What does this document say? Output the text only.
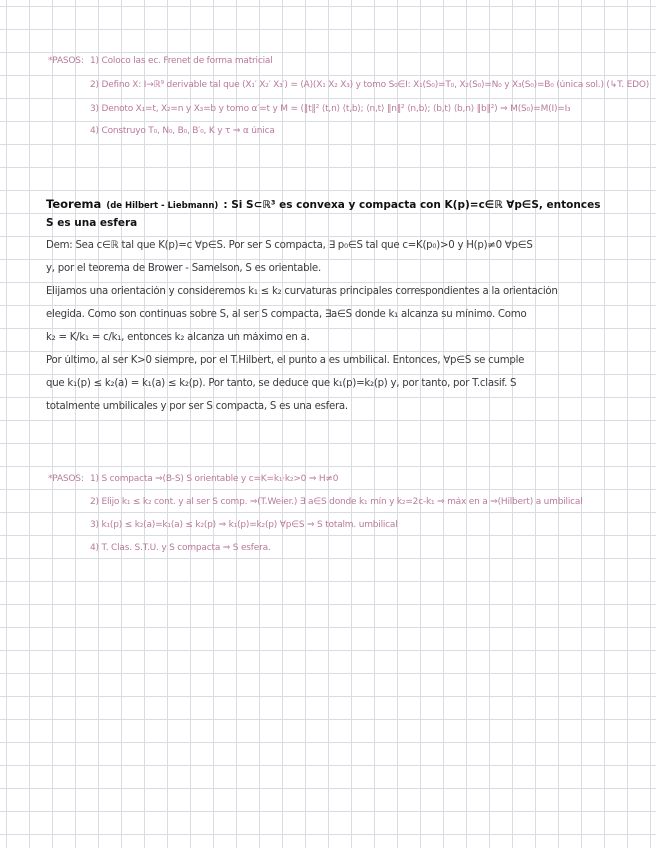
*PASOS: 1) Coloco las ec. Frenet de forma matricial
2) Defino X: I→ℝ⁹ derivable tal que (X₁′ X₂′ X₃′) = (A)(X₁ X₂ X₃) y tomo S₀∈I: X₁(S₀)=T₀, X₂(S₀)=N₀ y X₃(S₀)=B₀ (única sol.) (↳T. EDO)
3) Denoto X₁=t, X₂=n y X₃=b y tomo α′=t y M = (‖t‖² ⟨t,n⟩ ⟨t,b⟩; ⟨n,t⟩ ‖n‖² ⟨n,b⟩; ⟨b,t⟩ ⟨b,n⟩ ‖b‖²) ⇒ M(S₀)=M(I)=I₃
4) Construyo T₀, N₀, B₀, B′₀, K y τ ⇒ α única
Teorema (de Hilbert - Liebmann) : Si S⊂ℝ³ es convexa y compacta con K(p)=c∈ℝ ∀p∈S, entonces
S es una esfera
Dem: Sea c∈ℝ tal que K(p)=c ∀p∈S. Por ser S compacta, ∃ p₀∈S tal que c=K(p₀)>0 y H(p)≠0 ∀p∈S
y, por el teorema de Brower - Samelson, S es orientable.
Elijamos una orientación y consideremos k₁ ≤ k₂ curvaturas principales correspondientes a la orientación
elegida. Como son continuas sobre S, al ser S compacta, ∃a∈S donde k₁ alcanza su mínimo. Como
k₂ = K/k₁ = c/k₁, entonces k₂ alcanza un máximo en a.
Por último, al ser K>0 siempre, por el T.Hilbert, el punto a es umbilical. Entonces, ∀p∈S se cumple
que k₁(p) ≤ k₂(a) = k₁(a) ≤ k₂(p). Por tanto, se deduce que k₁(p)=k₂(p) y, por tanto, por T.clasif. S
totalmente umbilicales y por ser S compacta, S es una esfera.
*PASOS: 1) S compacta ⇒(B-S) S orientable y c=K=k₁·k₂>0 ⇒ H≠0
2) Elijo k₁ ≤ k₂ cont. y al ser S comp. ⇒(T.Weier.) ∃ a∈S donde k₁ mín y k₂=2c-k₁ ⇒ máx en a ⇒(Hilbert) a umbilical
3) k₁(p) ≤ k₂(a)=k₁(a) ≤ k₂(p) ⇒ k₁(p)=k₂(p) ∀p∈S ⇒ S totalm. umbilical
4) T. Clas. S.T.U. y S compacta ⇒ S esfera.
